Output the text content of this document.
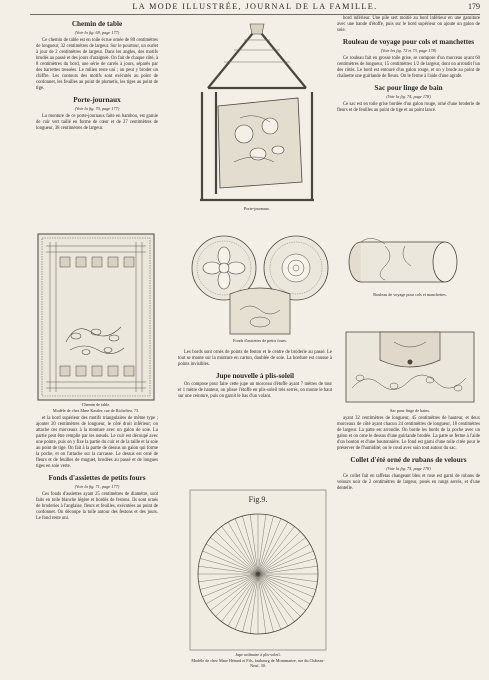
LA MODE ILLUSTRÉE, JOURNAL DE LA FAMILLE.	179
Chemin de table
(Voir la fig. 69, page 177)

Ce chemin de table est en toile écrue ornée de 80 centimètres de longueur, 32 centimètres de largeur. Sur le pourtour, un ourlet à jour de 2 centimètres de largeur. Dans les angles, des motifs brodés au passé et des jours d'araignée. On fait de chaque côté, à 8 centimètres du bord, une série de carrés à jours, séparés par des barrettes tressées. Le milieu reste uni ; on peut y broder un chiffre. Les contours des motifs sont exécutés au point de cordonnet, les feuilles au point de plumetis, les tiges au point de tige.

Porte-journaux
(Voir la fig. 70, page 177)

La monture de ce porte-journaux faite en bambou, est garnie de cuir vert taillé en forme de cœur et de 27 centimètres de longueur, 38 centimètres de largeur.

Chemin de table.
Modèle de chez Mme Kastler, rue de Richelieu, 73.

et la bord supérieur des motifs triangulaires de même type ; ajouter 20 centimètres de longueur, le côté droit inférieur; on attache ces morceaux à la monture avec un galon de soie. La partie peut être remplie par les nœuds. Le cuir est découpé avec une pointe, puis on y fixe la partie du cuir et de la taille et la soie au point de tige. On fait à la partie de dessus un galon qui forme la poche, et on l'attache sur la carcasse. Le dessus est orné de fleurs et de feuilles de muguet, brodées au passé et de longues tiges en soie verte.

Fonds d'assiettes de petits fours
(Voir la fig. 71, page 177)

Ces fonds d'assiettes ayant 25 centimètres de diamètre, sont faits en toile blanche légère et bordés de festons. Ils sont ornés de broderies à l'anglaise, fleurs et feuilles, exécutées au point de cordonnet. On découpe la toile autour des festons et des jours. Le fond reste uni.

Porte-journaux.
Fonds d'assiettes de petits fours.

Les bords sont ornés de points de feston et le centre de broderie au passé. Le tout se monte sur la monture en carton, doublée de soie. La bordure est cousue à points invisibles.

Jupe nouvelle à plis-soleil

On compose pour faire cette jupe un morceau d'étoffe ayant 7 mètres de tour et 1 mètre de hauteur, on plisse l'étoffe en plis-soleil très serrés, on monte le haut sur une ceinture, puis on garnit le bas d'un volant.

Fig.9.
Jupe ordinaire à plis-soleil.
Modèle de chez Mme Hénard et Fils, faubourg de Montmartre, rue du Château-Neuf, 30.

bord inférieur. Une pile sert moitié au bord inférieur en une garniture avec une bande d'étoffe, puis sur le bord supérieur on ajoute un galon de soie.

Rouleau de voyage pour cols et manchettes
(Voir les fig. 72 et 73, page 178)

Ce rouleau fait en grosse toile grise, se compose d'un morceau ayant 60 centimètres de longueur, 15 centimètres 1/2 de largeur, dont on arrondit l'un des côtés. Le bord est entouré d'un galon rouge, et on y brode au point de chaînette une guirlande de fleurs. On le ferme à l'aide d'une agrafe.

Sac pour linge de bain
(Voir la fig. 74, page 178)

Ce sac est en toile grise bordée d'un galon rouge, orné d'une broderie de fleurs et de feuilles au point de tige et au point lancé.

Rouleau de voyage pour cols et manchettes.
Sac pour linge de bains.

ayant 32 centimètres de longueur, 45 centimètres de hauteur, et deux morceaux de côté ayant chacun 24 centimètres de longueur, 18 centimètres de largeur. La patte est arrondie. On borde les bords de la poche avec un galon et on orne le dessus d'une guirlande brodée. La patte se ferme à l'aide d'un bouton et d'une boutonnière. Le fond est garni d'une toile cirée pour le préserver de l'humidité; on le coud avec soin tout autour du sac.

Collet d'été orné de rubans de velours
(Voir la fig. 75, page 178)

Ce collet fait en taffetas changeant bleu et rose est garni de rubans de velours noir de 2 centimètres de largeur, posés en rangs serrés, et d'une dentelle.
